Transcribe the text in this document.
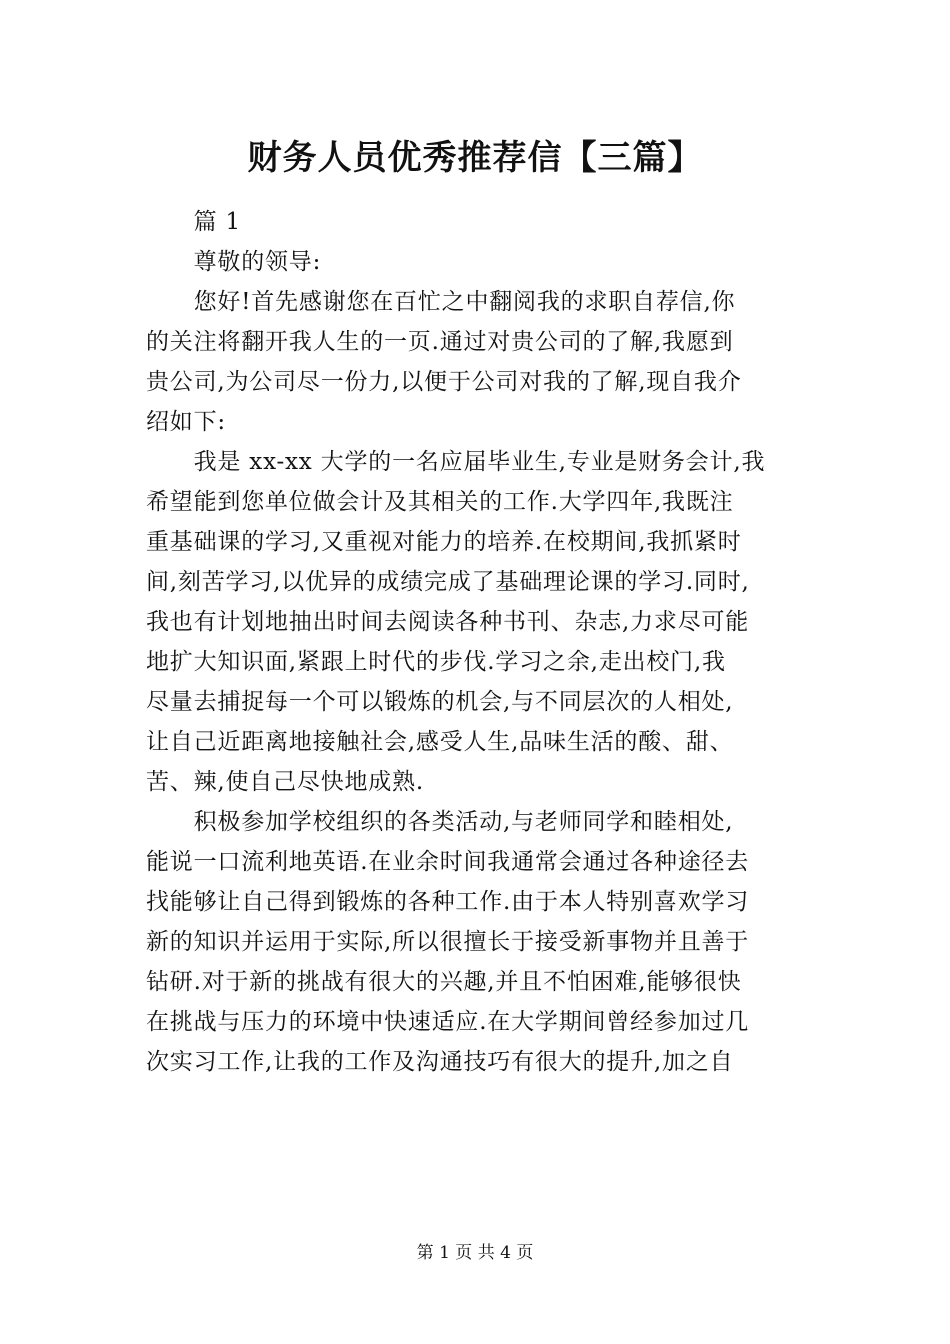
财务人员优秀推荐信【三篇】
　　篇 1
　　尊敬的领导:
　　您好!首先感谢您在百忙之中翻阅我的求职自荐信,你
的关注将翻开我人生的一页.通过对贵公司的了解,我愿到
贵公司,为公司尽一份力,以便于公司对我的了解,现自我介
绍如下:
　　我是 xx-xx 大学的一名应届毕业生,专业是财务会计,我
希望能到您单位做会计及其相关的工作.大学四年,我既注
重基础课的学习,又重视对能力的培养.在校期间,我抓紧时
间,刻苦学习,以优异的成绩完成了基础理论课的学习.同时,
我也有计划地抽出时间去阅读各种书刊、杂志,力求尽可能
地扩大知识面,紧跟上时代的步伐.学习之余,走出校门,我
尽量去捕捉每一个可以锻炼的机会,与不同层次的人相处,
让自己近距离地接触社会,感受人生,品味生活的酸、甜、
苦、辣,使自己尽快地成熟.
　　积极参加学校组织的各类活动,与老师同学和睦相处,
能说一口流利地英语.在业余时间我通常会通过各种途径去
找能够让自己得到锻炼的各种工作.由于本人特别喜欢学习
新的知识并运用于实际,所以很擅长于接受新事物并且善于
钻研.对于新的挑战有很大的兴趣,并且不怕困难,能够很快
在挑战与压力的环境中快速适应.在大学期间曾经参加过几
次实习工作,让我的工作及沟通技巧有很大的提升,加之自

第 1 页 共 4 页
